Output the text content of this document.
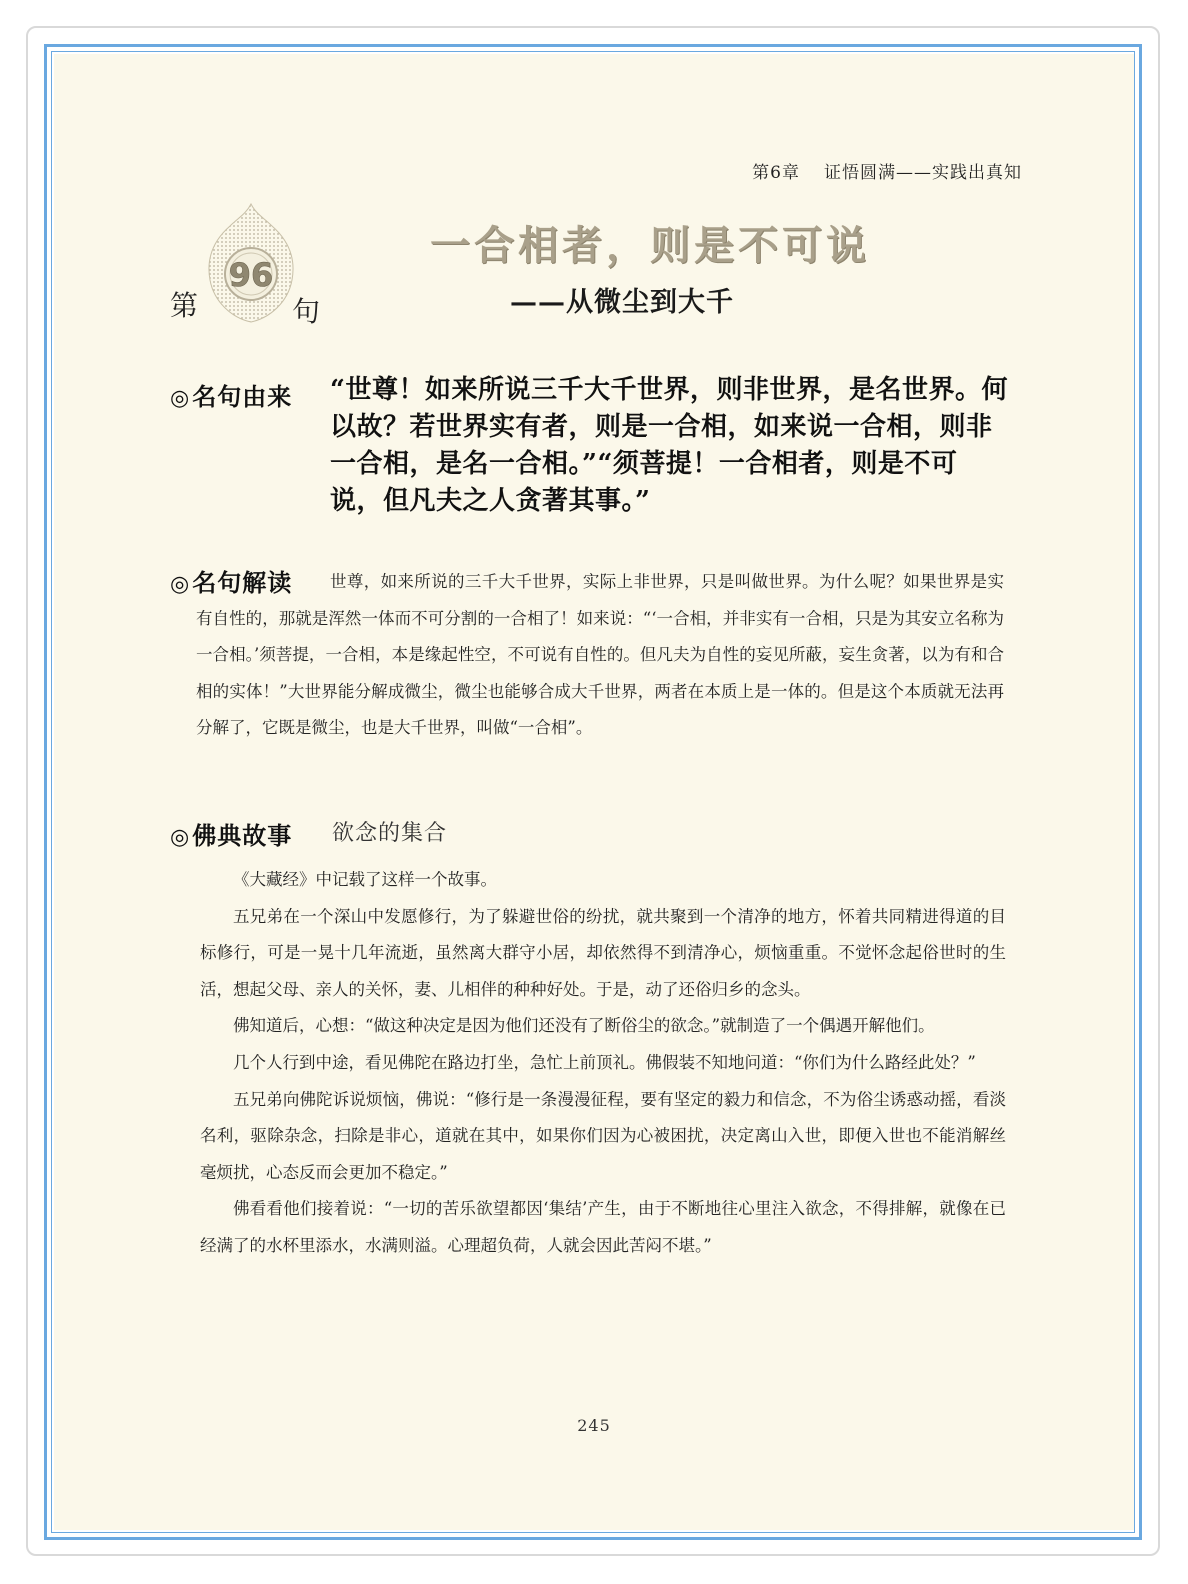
第6章 证悟圆满——实践出真知
96
第	句
一合相者，则是不可说
——从微尘到大千
◎名句由来 “世尊！如来所说三千大千世界，则非世界，是名世界。何以故？若世界实有者，则是一合相，如来说一合相，则非一合相，是名一合相。”“须菩提！一合相者，则是不可说，但凡夫之人贪著其事。”
◎名句解读	世尊，如来所说的三千大千世界，实际上非世界，只是叫做世界。为什么呢？如果世界是实有自性的，那就是浑然一体而不可分割的一合相了！如来说：“‘一合相，并非实有一合相，只是为其安立名称为一合相。’须菩提，一合相，本是缘起性空，不可说有自性的。但凡夫为自性的妄见所蔽，妄生贪著，以为有和合相的实体！”大世界能分解成微尘，微尘也能够合成大千世界，两者在本质上是一体的。但是这个本质就无法再分解了，它既是微尘，也是大千世界，叫做“一合相”。
◎佛典故事 欲念的集合

《大藏经》中记载了这样一个故事。

五兄弟在一个深山中发愿修行，为了躲避世俗的纷扰，就共聚到一个清净的地方，怀着共同精进得道的目标修行，可是一晃十几年流逝，虽然离大群守小居，却依然得不到清净心，烦恼重重。不觉怀念起俗世时的生活，想起父母、亲人的关怀，妻、儿相伴的种种好处。于是，动了还俗归乡的念头。

佛知道后，心想：“做这种决定是因为他们还没有了断俗尘的欲念。”就制造了一个偶遇开解他们。

几个人行到中途，看见佛陀在路边打坐，急忙上前顶礼。佛假装不知地问道：“你们为什么路经此处？”

五兄弟向佛陀诉说烦恼，佛说：“修行是一条漫漫征程，要有坚定的毅力和信念，不为俗尘诱惑动摇，看淡名利，驱除杂念，扫除是非心，道就在其中，如果你们因为心被困扰，决定离山入世，即便入世也不能消解丝毫烦扰，心态反而会更加不稳定。”

佛看看他们接着说：“一切的苦乐欲望都因‘集结’产生，由于不断地往心里注入欲念，不得排解，就像在已经满了的水杯里添水，水满则溢。心理超负荷，人就会因此苦闷不堪。”

245
